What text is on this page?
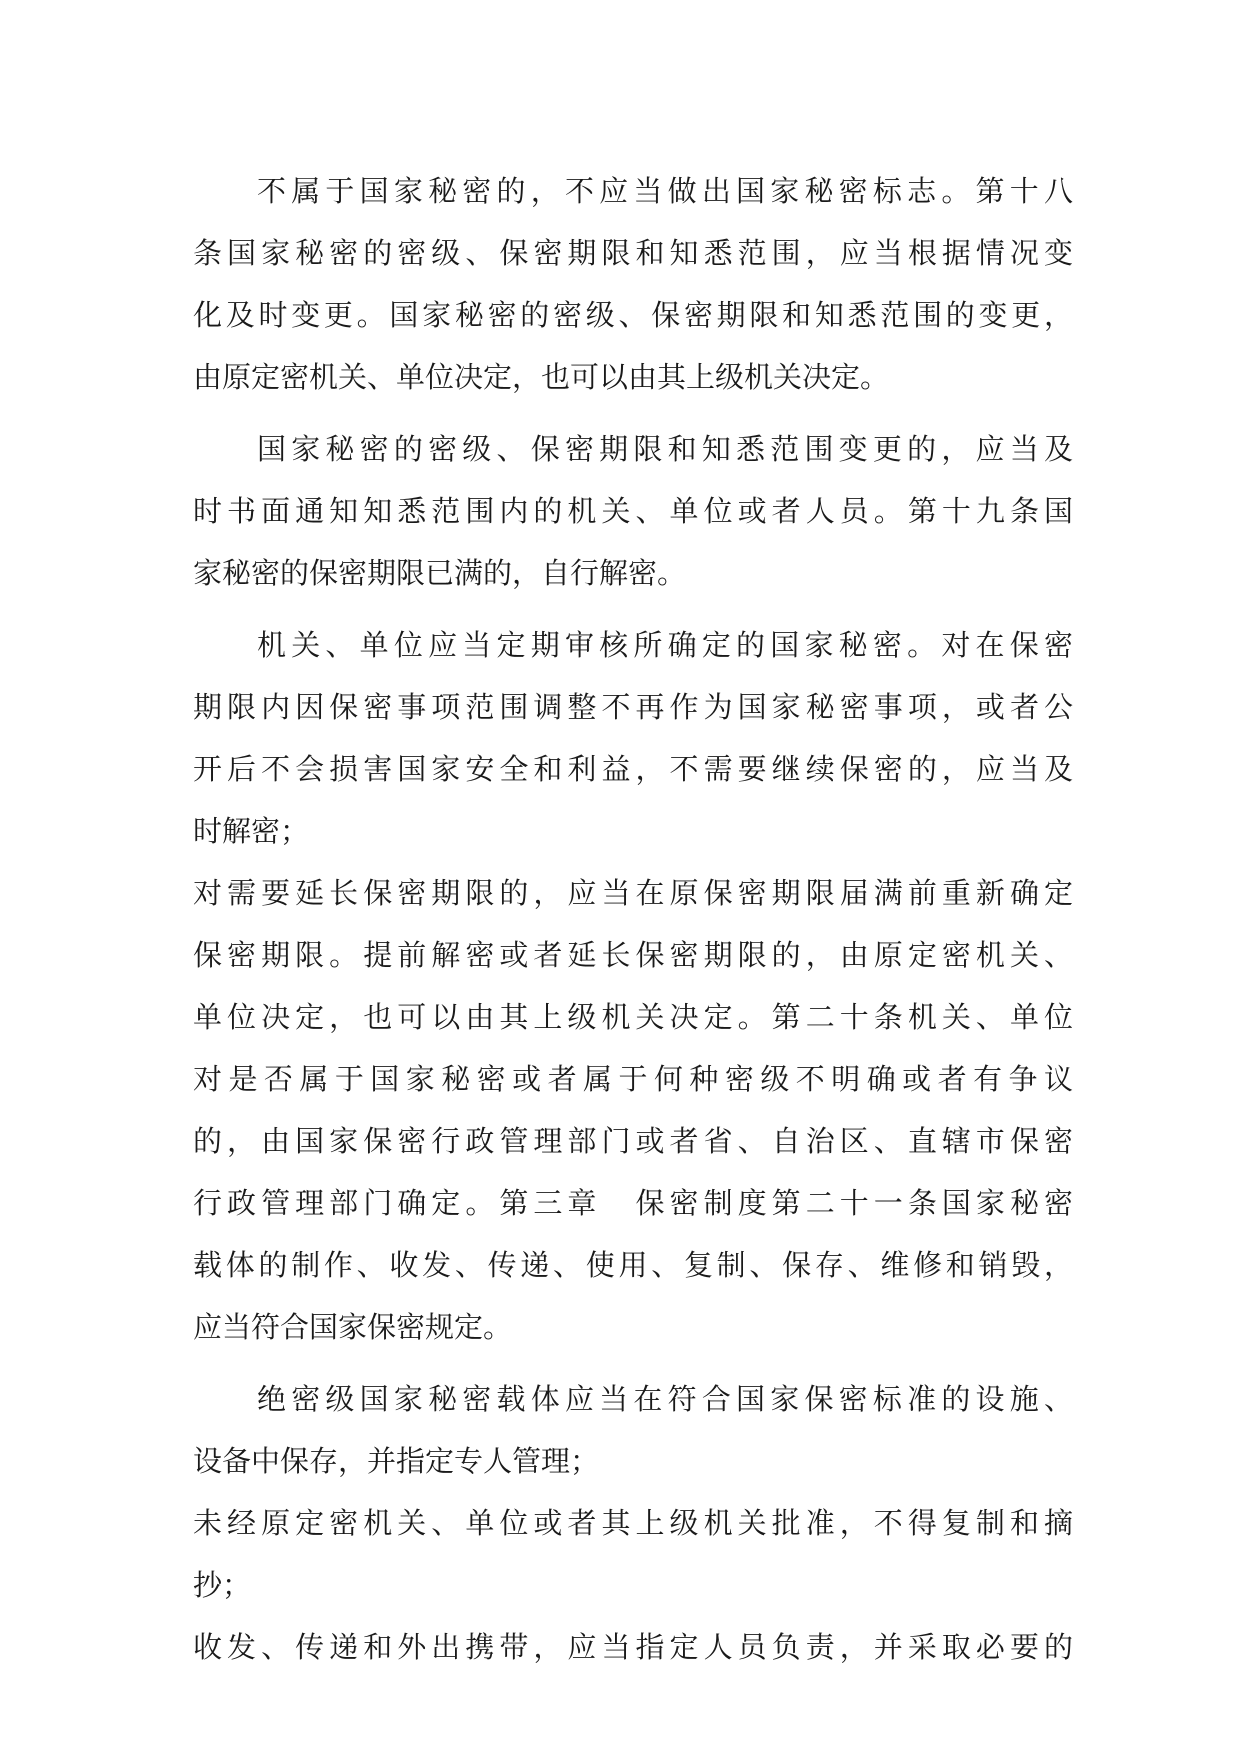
不属于国家秘密的，不应当做出国家秘密标志。第十八
条国家秘密的密级、保密期限和知悉范围，应当根据情况变
化及时变更。国家秘密的密级、保密期限和知悉范围的变更，
由原定密机关、单位决定，也可以由其上级机关决定。
国家秘密的密级、保密期限和知悉范围变更的，应当及
时书面通知知悉范围内的机关、单位或者人员。第十九条国
家秘密的保密期限已满的，自行解密。
机关、单位应当定期审核所确定的国家秘密。对在保密
期限内因保密事项范围调整不再作为国家秘密事项，或者公
开后不会损害国家安全和利益，不需要继续保密的，应当及
时解密；
对需要延长保密期限的，应当在原保密期限届满前重新确定
保密期限。提前解密或者延长保密期限的，由原定密机关、
单位决定，也可以由其上级机关决定。第二十条机关、单位
对是否属于国家秘密或者属于何种密级不明确或者有争议
的，由国家保密行政管理部门或者省、自治区、直辖市保密
行政管理部门确定。第三章　保密制度第二十一条国家秘密
载体的制作、收发、传递、使用、复制、保存、维修和销毁，
应当符合国家保密规定。
绝密级国家秘密载体应当在符合国家保密标准的设施、
设备中保存，并指定专人管理；
未经原定密机关、单位或者其上级机关批准，不得复制和摘
抄；
收发、传递和外出携带，应当指定人员负责，并采取必要的
